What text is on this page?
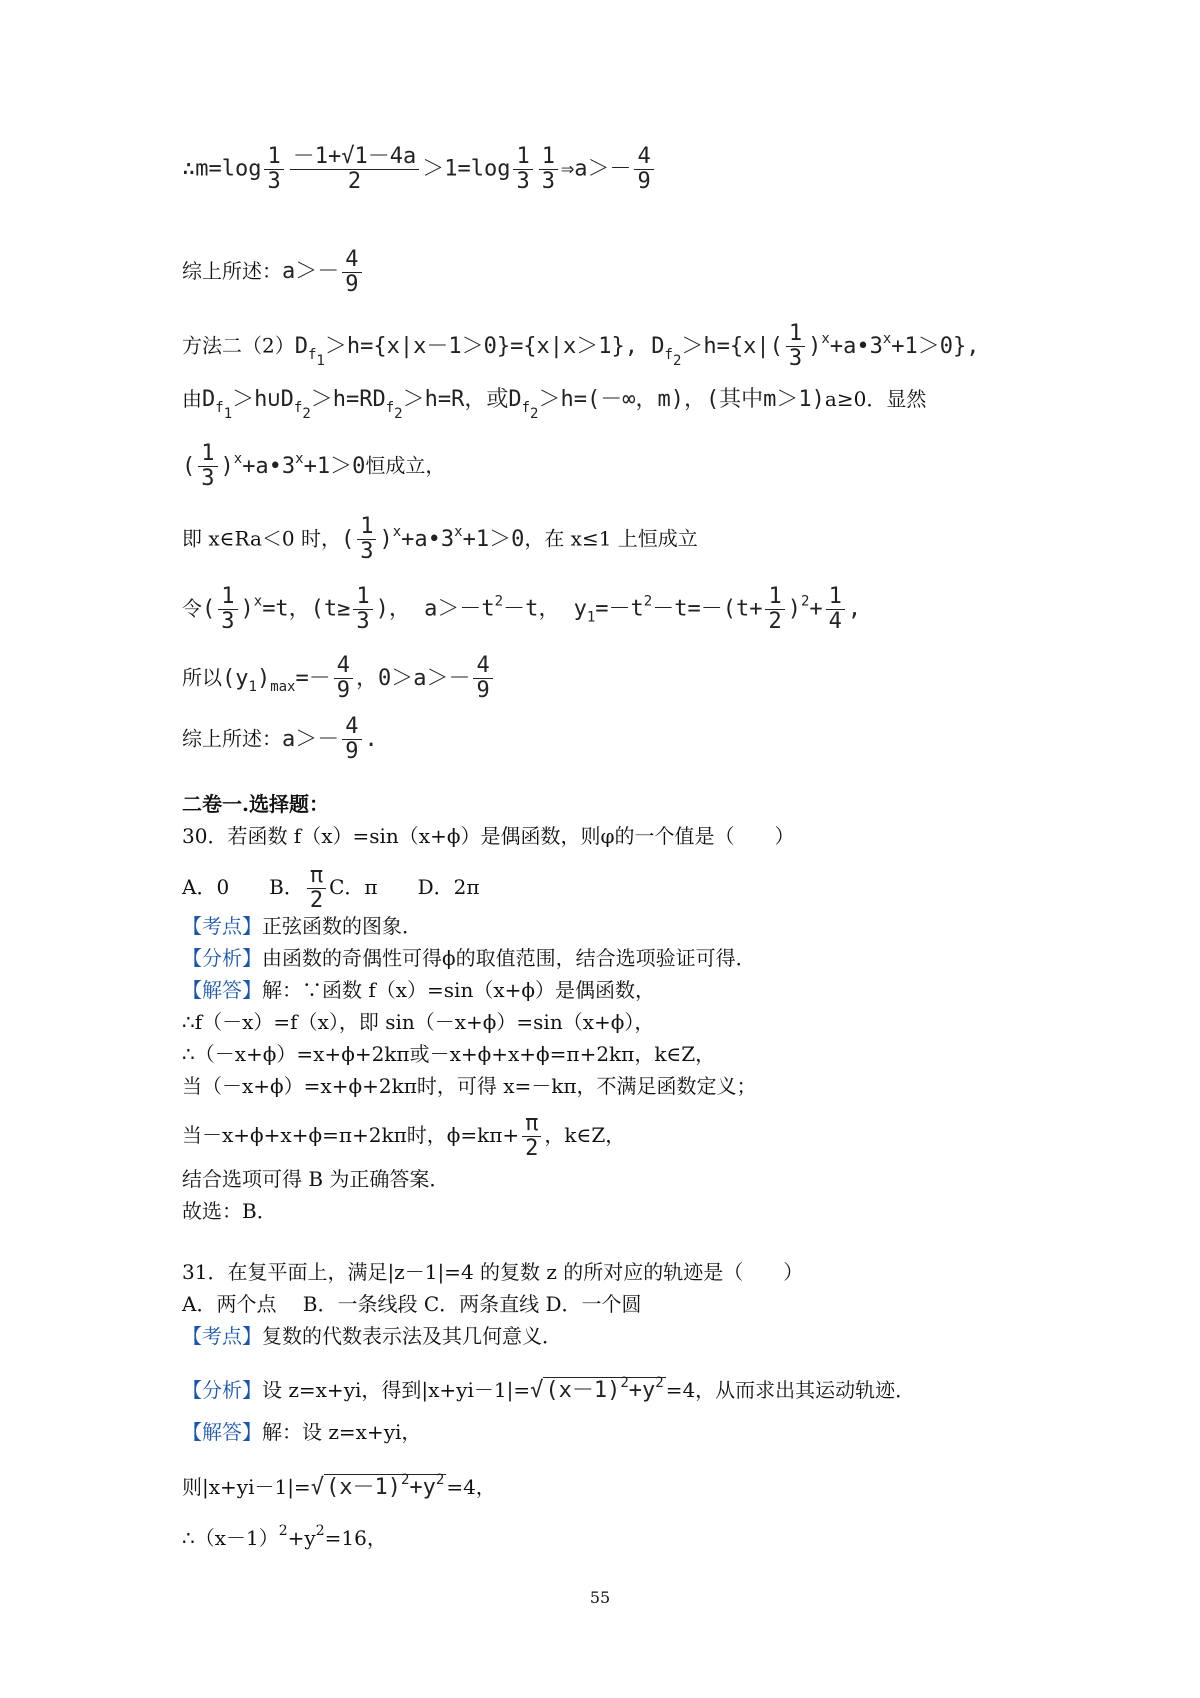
∴m=log $\frac{1}{3} \frac{-1+√1-4a}{2} >1=\log \frac{1}{3} \frac{1}{3}$ ⇒a＞－ $\frac{4}{9}$
综上所述：$a>- \frac{4}{9}$
方法二$(2)D_{f1}>h=\{x|x-1>0\}=\{x|x>1\}$, $D_{f2}>h=\{x|( \frac{1}{3}$ )$^x+a•3^x+1>0$},
由$D_{f1}>h\cup D_{f2}>h=RD_{f2}>h=R$，或$D_{f2}>h=(-\infty$，m)，(其中m＞1)a≥0．显然
( $\frac{1}{3}$ )$^x+a•3^x+1>0$恒成立，
即 x∈Ra＜0 时，( $\frac{1}{3}$ )$^x+a•3^x+1>0$，在 x≤1 上恒成立
令( $\frac{1}{3} )^x=t$，($t\ge \frac{1}{3}$ )， $a>-t^2-t$， $y_1=-t^2-t=-(t+ \frac{1}{2} )^2+ \frac{1}{4}$ ,
所以$(y_1)_{max}=- \frac{4}{9}$ ，$0>a>- \frac{4}{9}$
综上所述：$a>- \frac{4}{9}$ .
二卷一.选择题：
30．若函数 f（x）=sin（x+ϕ）是偶函数，则φ的一个值是（　　）
A．0　　B． $\frac{\pi}{2}$ C．π　　D．2π
【考点】正弦函数的图象．
【分析】由函数的奇偶性可得ϕ的取值范围，结合选项验证可得．
【解答】解：∵函数 f（x）=sin（x+ϕ）是偶函数，
∴f（－x）=f（x），即 sin（－x+ϕ）=sin（x+ϕ），
∴（－x+ϕ）=x+ϕ+2kπ或－x+ϕ+x+ϕ=π+2kπ，k∈Z，
当（－x+ϕ）=x+ϕ+2kπ时，可得 x=－kπ，不满足函数定义；
当－x+ϕ+x+ϕ=π+2kπ时，$\phi=k\pi+ \frac{\pi}{2}$ ，k∈Z，
结合选项可得 B 为正确答案．
故选：B．
31．在复平面上，满足|z－1|=4 的复数 z 的所对应的轨迹是（　　）
A．两个点　 B．一条线段 C．两条直线 D．一个圆
【考点】复数的代数表示法及其几何意义．
【分析】设 z=x+yi，得到$|x+yi-1|=√(x-1)^2+y^2 =4$，从而求出其运动轨迹．
【解答】解：设 z=x+yi，
则$|x+yi-1|=√(x-1)^2+y^2 =4$，
$\therefore(x-1)^2+y^2=16$，
55
